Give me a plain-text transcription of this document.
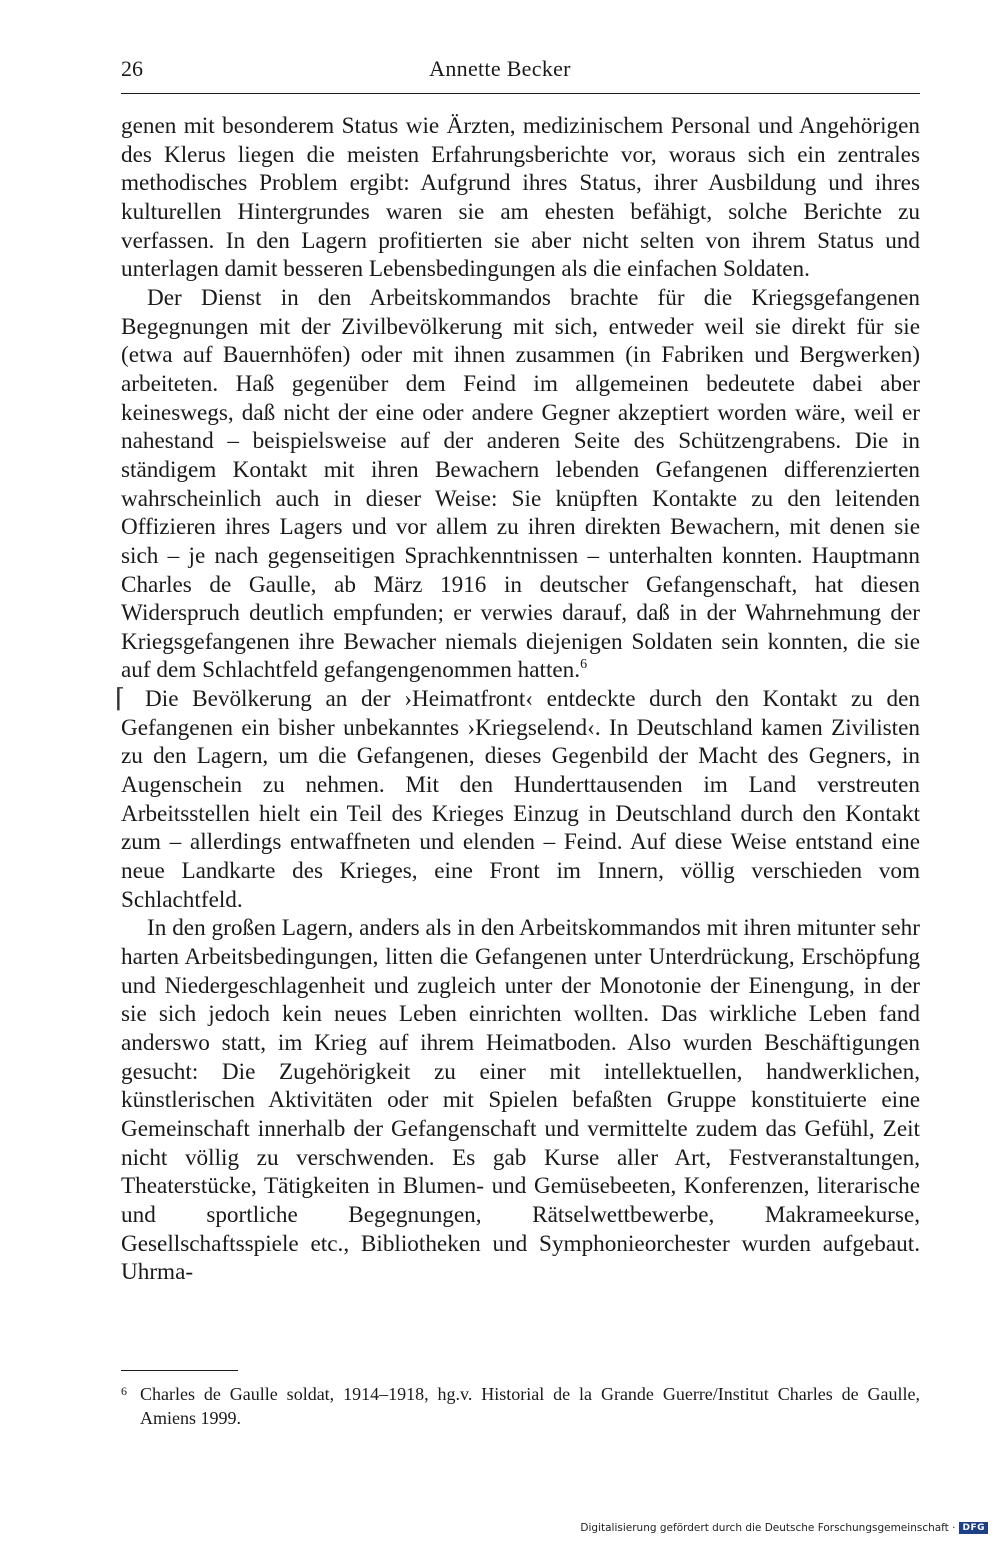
26	Annette Becker

genen mit besonderem Status wie Ärzten, medizinischem Personal und Angehörigen des Klerus liegen die meisten Erfahrungsberichte vor, woraus sich ein zentrales methodisches Problem ergibt: Aufgrund ihres Status, ihrer Ausbildung und ihres kulturellen Hintergrundes waren sie am ehesten befähigt, solche Berichte zu verfassen. In den Lagern profitierten sie aber nicht selten von ihrem Status und unterlagen damit besseren Lebensbedingungen als die einfachen Soldaten.

Der Dienst in den Arbeitskommandos brachte für die Kriegsgefangenen Begegnungen mit der Zivilbevölkerung mit sich, entweder weil sie direkt für sie (etwa auf Bauernhöfen) oder mit ihnen zusammen (in Fabriken und Bergwerken) arbeiteten. Haß gegenüber dem Feind im allgemeinen bedeutete dabei aber keineswegs, daß nicht der eine oder andere Gegner akzeptiert worden wäre, weil er nahestand – beispielsweise auf der anderen Seite des Schützengrabens. Die in ständigem Kontakt mit ihren Bewachern lebenden Gefangenen differenzierten wahrscheinlich auch in dieser Weise: Sie knüpften Kontakte zu den leitenden Offizieren ihres Lagers und vor allem zu ihren direkten Bewachern, mit denen sie sich – je nach gegenseitigen Sprachkenntnissen – unterhalten konnten. Hauptmann Charles de Gaulle, ab März 1916 in deutscher Gefangenschaft, hat diesen Widerspruch deutlich empfunden; er verwies darauf, daß in der Wahrnehmung der Kriegsgefangenen ihre Bewacher niemals diejenigen Soldaten sein konnten, die sie auf dem Schlachtfeld gefangengenommen hatten.$^6$

⌈ Die Bevölkerung an der ›Heimatfront‹ entdeckte durch den Kontakt zu den Gefangenen ein bisher unbekanntes ›Kriegselend‹. In Deutschland kamen Zivilisten zu den Lagern, um die Gefangenen, dieses Gegenbild der Macht des Gegners, in Augenschein zu nehmen. Mit den Hunderttausenden im Land verstreuten Arbeitsstellen hielt ein Teil des Krieges Einzug in Deutschland durch den Kontakt zum – allerdings entwaffneten und elenden – Feind. Auf diese Weise entstand eine neue Landkarte des Krieges, eine Front im Innern, völlig verschieden vom Schlachtfeld.

In den großen Lagern, anders als in den Arbeitskommandos mit ihren mitunter sehr harten Arbeitsbedingungen, litten die Gefangenen unter Unterdrückung, Erschöpfung und Niedergeschlagenheit und zugleich unter der Monotonie der Einengung, in der sie sich jedoch kein neues Leben einrichten wollten. Das wirkliche Leben fand anderswo statt, im Krieg auf ihrem Heimatboden. Also wurden Beschäftigungen gesucht: Die Zugehörigkeit zu einer mit intellektuellen, handwerklichen, künstlerischen Aktivitäten oder mit Spielen befaßten Gruppe konstituierte eine Gemeinschaft innerhalb der Gefangenschaft und vermittelte zudem das Gefühl, Zeit nicht völlig zu verschwenden. Es gab Kurse aller Art, Festveranstaltungen, Theaterstücke, Tätigkeiten in Blumen- und Gemüsebeeten, Konferenzen, literarische und sportliche Begegnungen, Rätselwettbewerbe, Makrameekurse, Gesellschaftsspiele etc., Bibliotheken und Symphonieorchester wurden aufgebaut. Uhrma-

6 Charles de Gaulle soldat, 1914–1918, hg.v. Historial de la Grande Guerre/Institut Charles de Gaulle, Amiens 1999.
Digitalisierung gefördert durch die Deutsche Forschungsgemeinschaft · DFG
